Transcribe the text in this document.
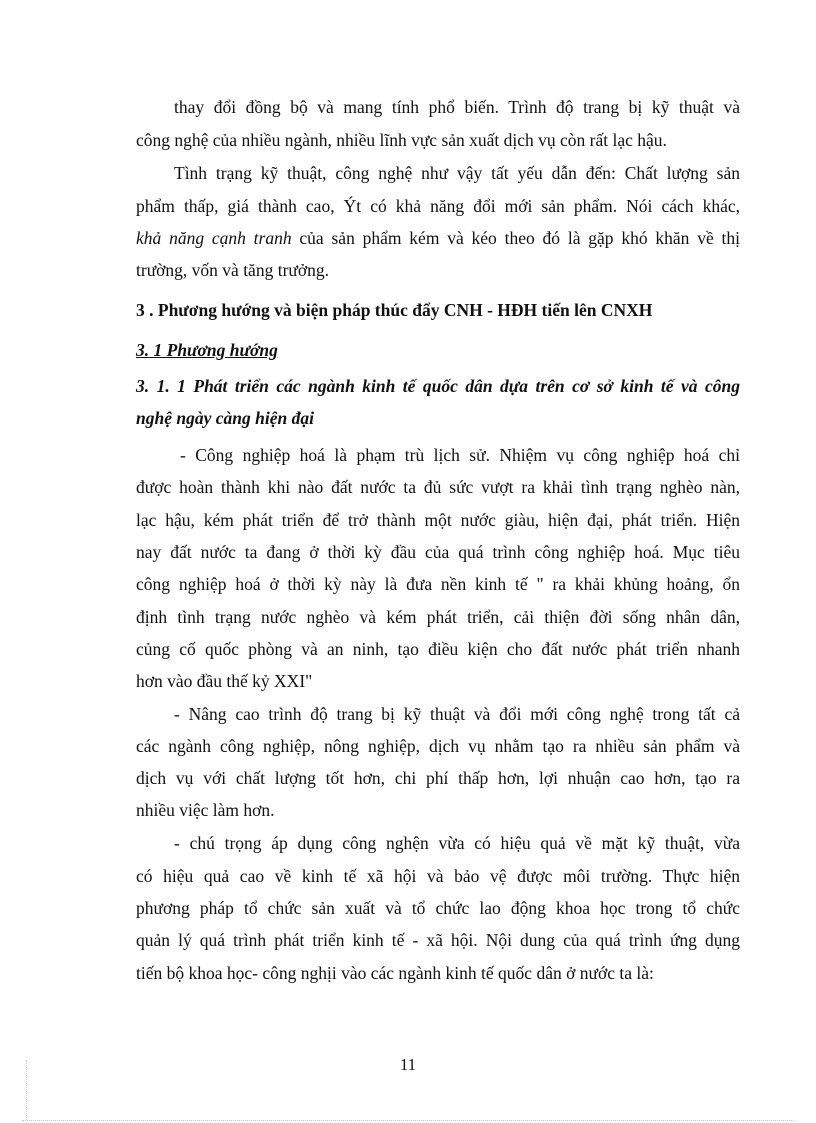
thay đổi đồng bộ và mang tính phổ biến. Trình độ trang bị kỹ thuật và

công nghệ của nhiều ngành, nhiều lĩnh vực sản xuất dịch vụ còn rất lạc hậu.

Tình trạng kỹ thuật, công nghệ như vậy tất yếu dẫn đến: Chất lượng sản

phẩm thấp, giá thành cao, Ýt có khả năng đổi mới sản phẩm. Nói cách khác,

khả năng cạnh tranh của sản phẩm kém và kéo theo đó là gặp khó khăn về thị

trường, vốn và tăng trưởng.

3 . Phương hướng và biện pháp thúc đẩy CNH - HĐH tiến lên CNXH

3. 1 Phương hướng

3. 1. 1 Phát triển các ngành kinh tế quốc dân dựa trên cơ sở kinh tế và công

nghệ ngày càng hiện đại

- Công nghiệp hoá là phạm trù lịch sử. Nhiệm vụ công nghiệp hoá chỉ

được hoàn thành khi nào đất nước ta đủ sức vượt ra khải tình trạng nghèo nàn,

lạc hậu, kém phát triển để trở thành một nước giàu, hiện đại, phát triển. Hiện

nay đất nước ta đang ở thời kỳ đầu của quá trình công nghiệp hoá. Mục tiêu

công nghiệp hoá ở thời kỳ này là đưa nền kinh tế " ra khải khủng hoảng, ổn

định tình trạng nước nghèo và kém phát triển, cải thiện đời sống nhân dân,

củng cố quốc phòng và an ninh, tạo điều kiện cho đất nước phát triển nhanh

hơn vào đầu thế kỷ XXI"

- Nâng cao trình độ trang bị kỹ thuật và đổi mới công nghệ trong tất cả

các ngành công nghiệp, nông nghiệp, dịch vụ nhằm tạo ra nhiều sản phẩm và

dịch vụ với chất lượng tốt hơn, chi phí thấp hơn, lợi nhuận cao hơn, tạo ra

nhiều việc làm hơn.

- chú trọng áp dụng công nghện vừa có hiệu quả về mặt kỹ thuật, vừa

có hiệu quả cao về kinh tế xã hội và bảo vệ được môi trường. Thực hiện

phương pháp tổ chức sản xuất và tổ chức lao động khoa học trong tổ chức

quản lý quá trình phát triển kinh tế - xã hội. Nội dung của quá trình ứng dụng

tiến bộ khoa học- công nghịi vào các ngành kinh tế quốc dân ở nước ta là:

11
